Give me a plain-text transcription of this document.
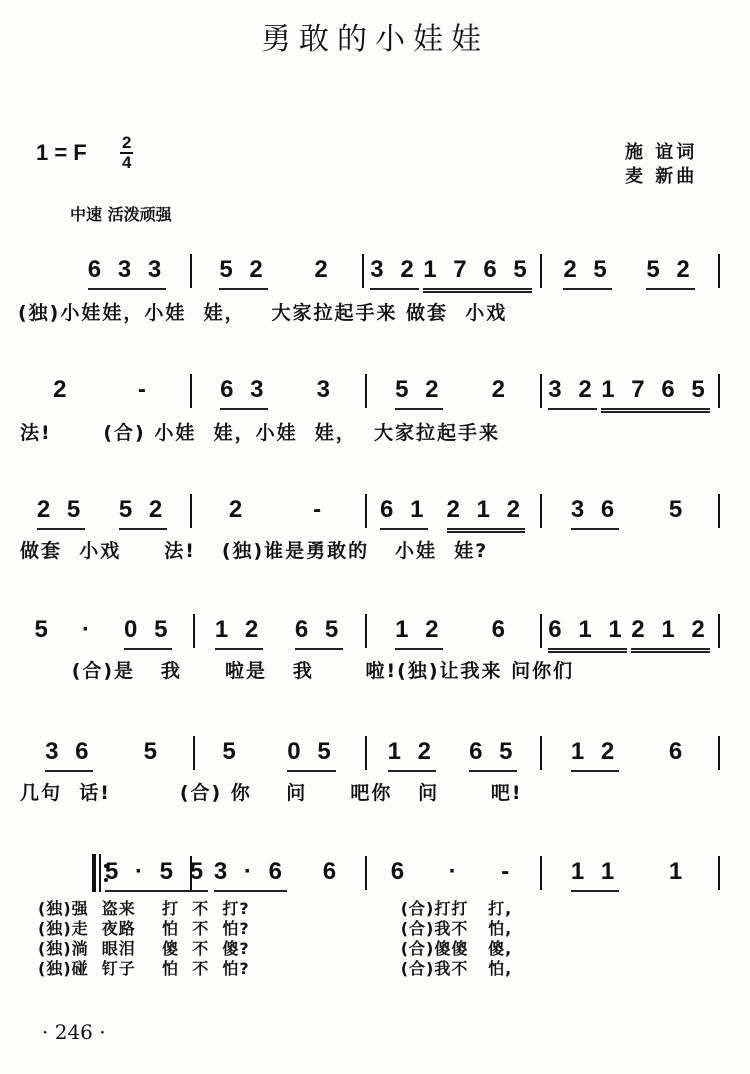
勇敢的小娃娃
1 = F 2
4	施 谊词
麦 新曲
中速 活泼顽强
6 3 3 5 2 2 3 2 1 7 6 5 2 5 5 2
(独)小娃娃，小娃  娃，   大家拉起手来 做套  小戏
2	-	6 3 3	5 2 2 3 2 1 7 6 5
法!      (合) 小娃  娃，小娃  娃，  大家拉起手来
2 5 5 2	2	- 6 1 2 1 2 3 6 5
做套  小戏     法!   (独)谁是勇敢的   小娃  娃?
5 · 0 5 1 2 6 5 1 2 6 6 1 1 2 1 2
(合)是   我     啦是   我      啦!(独)让我来 问你们
3 6 5	5 0 5 1 2 6 5 1 2 6
几句  话!        (合) 你    问     吧你   问      吧!
5 · 5 5 3 · 6 6 6 · - 1 1 1
(独)强  盗来    打  不  打?                       (合)打打   打,
(独)走  夜路    怕  不  怕?                       (合)我不   怕,
(独)淌  眼泪    傻  不  傻?                       (合)傻傻   傻,
(独)碰  钉子    怕  不  怕?                       (合)我不   怕,
· 246 ·
